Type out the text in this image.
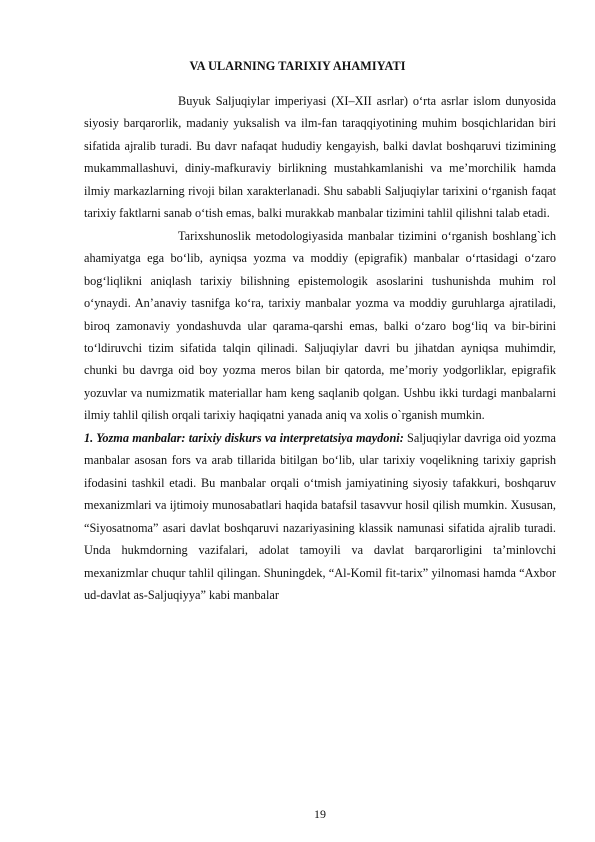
VA ULARNING TARIXIY AHAMIYATI

Buyuk Saljuqiylar imperiyasi (XI–XII asrlar) o‘rta asrlar islom dunyosida siyosiy barqarorlik, madaniy yuksalish va ilm-fan taraqqiyotining muhim bosqichlaridan biri sifatida ajralib turadi. Bu davr nafaqat hududiy kengayish, balki davlat boshqaruvi tizimining mukammallashuvi, diniy-mafkuraviy birlikning mustahkamlanishi va me’morchilik hamda ilmiy markazlarning rivoji bilan xarakterlanadi. Shu sababli Saljuqiylar tarixini o‘rganish faqat tarixiy faktlarni sanab o‘tish emas, balki murakkab manbalar tizimini tahlil qilishni talab etadi.

Tarixshunoslik metodologiyasida manbalar tizimini o‘rganish boshlang`ich ahamiyatga ega bo‘lib, ayniqsa yozma va moddiy (epigrafik) manbalar o‘rtasidagi o‘zaro bog‘liqlikni aniqlash tarixiy bilishning epistemologik asoslarini tushunishda muhim rol o‘ynaydi. An’anaviy tasnifga ko‘ra, tarixiy manbalar yozma va moddiy guruhlarga ajratiladi, biroq zamonaviy yondashuvda ular qarama-qarshi emas, balki o‘zaro bog‘liq va bir-birini to‘ldiruvchi tizim sifatida talqin qilinadi. Saljuqiylar davri bu jihatdan ayniqsa muhimdir, chunki bu davrga oid boy yozma meros bilan bir qatorda, me’moriy yodgorliklar, epigrafik yozuvlar va numizmatik materiallar ham keng saqlanib qolgan. Ushbu ikki turdagi manbalarni ilmiy tahlil qilish orqali tarixiy haqiqatni yanada aniq va xolis o`rganish mumkin.

1. Yozma manbalar: tarixiy diskurs va interpretatsiya maydoni: Saljuqiylar davriga oid yozma manbalar asosan fors va arab tillarida bitilgan bo‘lib, ular tarixiy voqelikning tarixiy gaprish ifodasini tashkil etadi. Bu manbalar orqali o‘tmish jamiyatining siyosiy tafakkuri, boshqaruv mexanizmlari va ijtimoiy munosabatlari haqida batafsil tasavvur hosil qilish mumkin. Xususan, “Siyosatnoma” asari davlat boshqaruvi nazariyasining klassik namunasi sifatida ajralib turadi. Unda hukmdorning vazifalari, adolat tamoyili va davlat barqarorligini ta’minlovchi mexanizmlar chuqur tahlil qilingan. Shuningdek, “Al-Komil fit-tarix” yilnomasi hamda “Axbor ud-davlat as-Saljuqiyya” kabi manbalar

19
